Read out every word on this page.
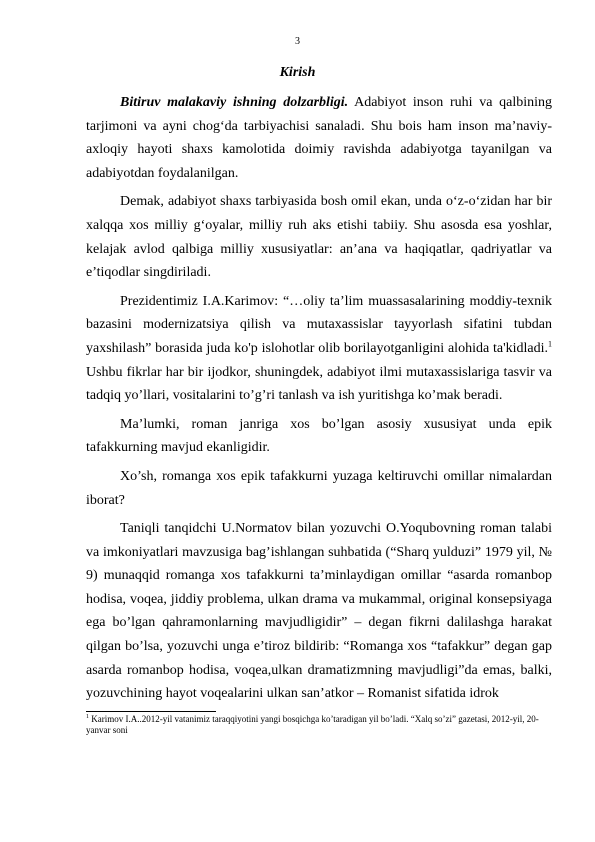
3
Kirish

Bitiruv malakaviy ishning dolzarbligi. Adabiyot inson ruhi va qalbining tarjimoni va ayni chog‘da tarbiyachisi sanaladi. Shu bois ham inson ma’naviy-axloqiy hayoti shaxs kamolotida doimiy ravishda adabiyotga tayanilgan va adabiyotdan foydalanilgan.

Demak, adabiyot shaxs tarbiyasida bosh omil ekan, unda o‘z-o‘zidan har bir xalqqa xos milliy g‘oyalar, milliy ruh aks etishi tabiiy. Shu asosda esa yoshlar, kelajak avlod qalbiga milliy xususiyatlar: an’ana va haqiqatlar, qadriyatlar va e’tiqodlar singdiriladi.

Prezidentimiz I.A.Karimov: “…oliy ta’lim muassasalarining moddiy-texnik bazasini modernizatsiya qilish va mutaxassislar tayyorlash sifatini tubdan yaxshilash” borasida juda ko'p islohotlar olib borilayotganligini alohida ta'kidladi.$^1$ Ushbu fikrlar har bir ijodkor, shuningdek, adabiyot ilmi mutaxassislariga tasvir va tadqiq yo’llari, vositalarini to’g’ri tanlash va ish yuritishga ko’mak beradi.

Ma’lumki, roman janriga xos bo’lgan asosiy xususiyat unda epik tafakkurning mavjud ekanligidir.

Xo’sh, romanga xos epik tafakkurni yuzaga keltiruvchi omillar nimalardan iborat?

Taniqli tanqidchi U.Normatov bilan yozuvchi O.Yoqubovning roman talabi va imkoniyatlari mavzusiga bag’ishlangan suhbatida (“Sharq yulduzi” 1979 yil, № 9) munaqqid romanga xos tafakkurni ta’minlaydigan omillar “asarda romanbop hodisa, voqea, jiddiy problema, ulkan drama va mukammal, original konsepsiyaga ega bo’lgan qahramonlarning mavjudligidir” – degan fikrni dalilashga harakat qilgan bo’lsa, yozuvchi unga e’tiroz bildirib: “Romanga xos “tafakkur” degan gap asarda romanbop hodisa, voqea,ulkan dramatizmning mavjudligi”da emas, balki, yozuvchining hayot voqealarini ulkan san’atkor – Romanist sifatida idrok

$^1$ Karimov I.A..2012-yil vatanimiz taraqqiyotini yangi bosqichga ko’taradigan yil bo’ladi. “Xalq so’zi” gazetasi, 2012-yil, 20-yanvar soni
